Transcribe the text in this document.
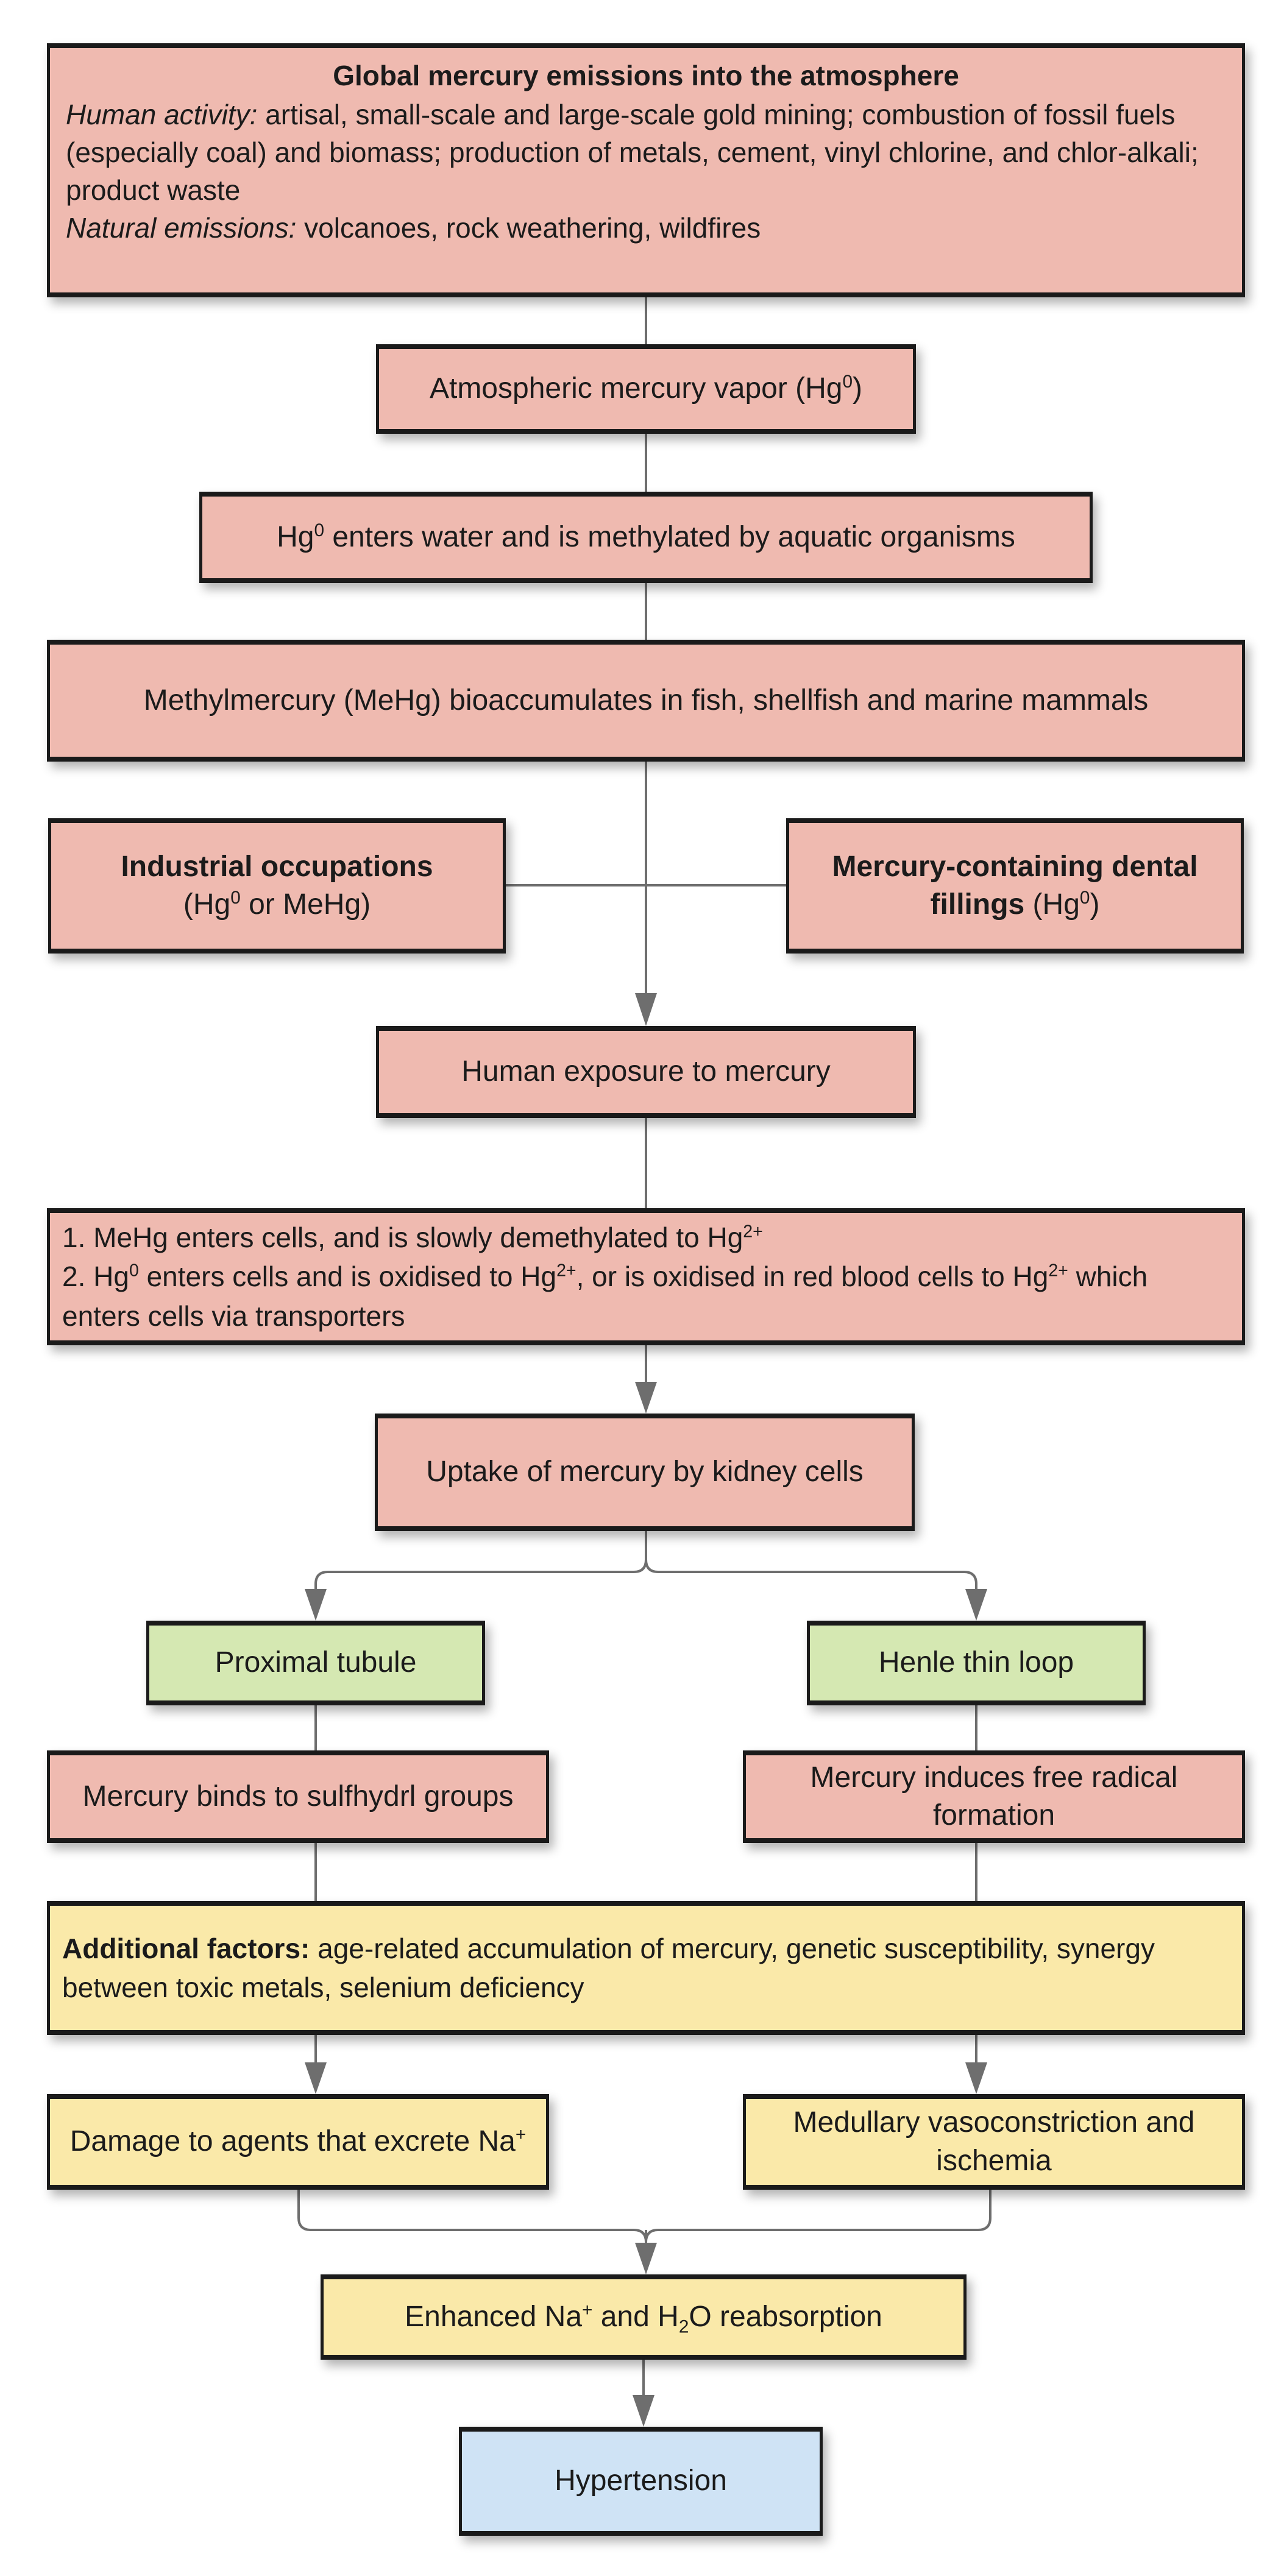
Global mercury emissions into the atmosphere
Human activity: artisal, small-scale and large-scale gold mining; combustion of fossil fuels (especially coal) and biomass; production of metals, cement, vinyl chlorine, and chlor-alkali; product waste
Natural emissions: volcanoes, rock weathering, wildfires
Atmospheric mercury vapor (Hg$^0$)
Hg$^0$ enters water and is methylated by aquatic organisms
Methylmercury (MeHg) bioaccumulates in fish, shellfish and marine mammals
Industrial occupations
(Hg$^0$ or MeHg)
Mercury-containing dental fillings (Hg$^0$)
Human exposure to mercury
1. MeHg enters cells, and is slowly demethylated to $Hg^{2+}$
2. Hg$^0$ enters cells and is oxidised to $Hg^{2+}$, or is oxidised in red blood cells to $Hg^{2+}$ which enters cells via transporters
Uptake of mercury by kidney cells
Proximal tubule	Henle thin loop
Mercury binds to sulfhydrl groups
Mercury induces free radical formation
Additional factors: age-related accumulation of mercury, genetic susceptibility, synergy between toxic metals, selenium deficiency
Damage to agents that excrete Na+	Medullary vasoconstriction and ischemia
Enhanced Na+ and $H_2O$ reabsorption
Hypertension
